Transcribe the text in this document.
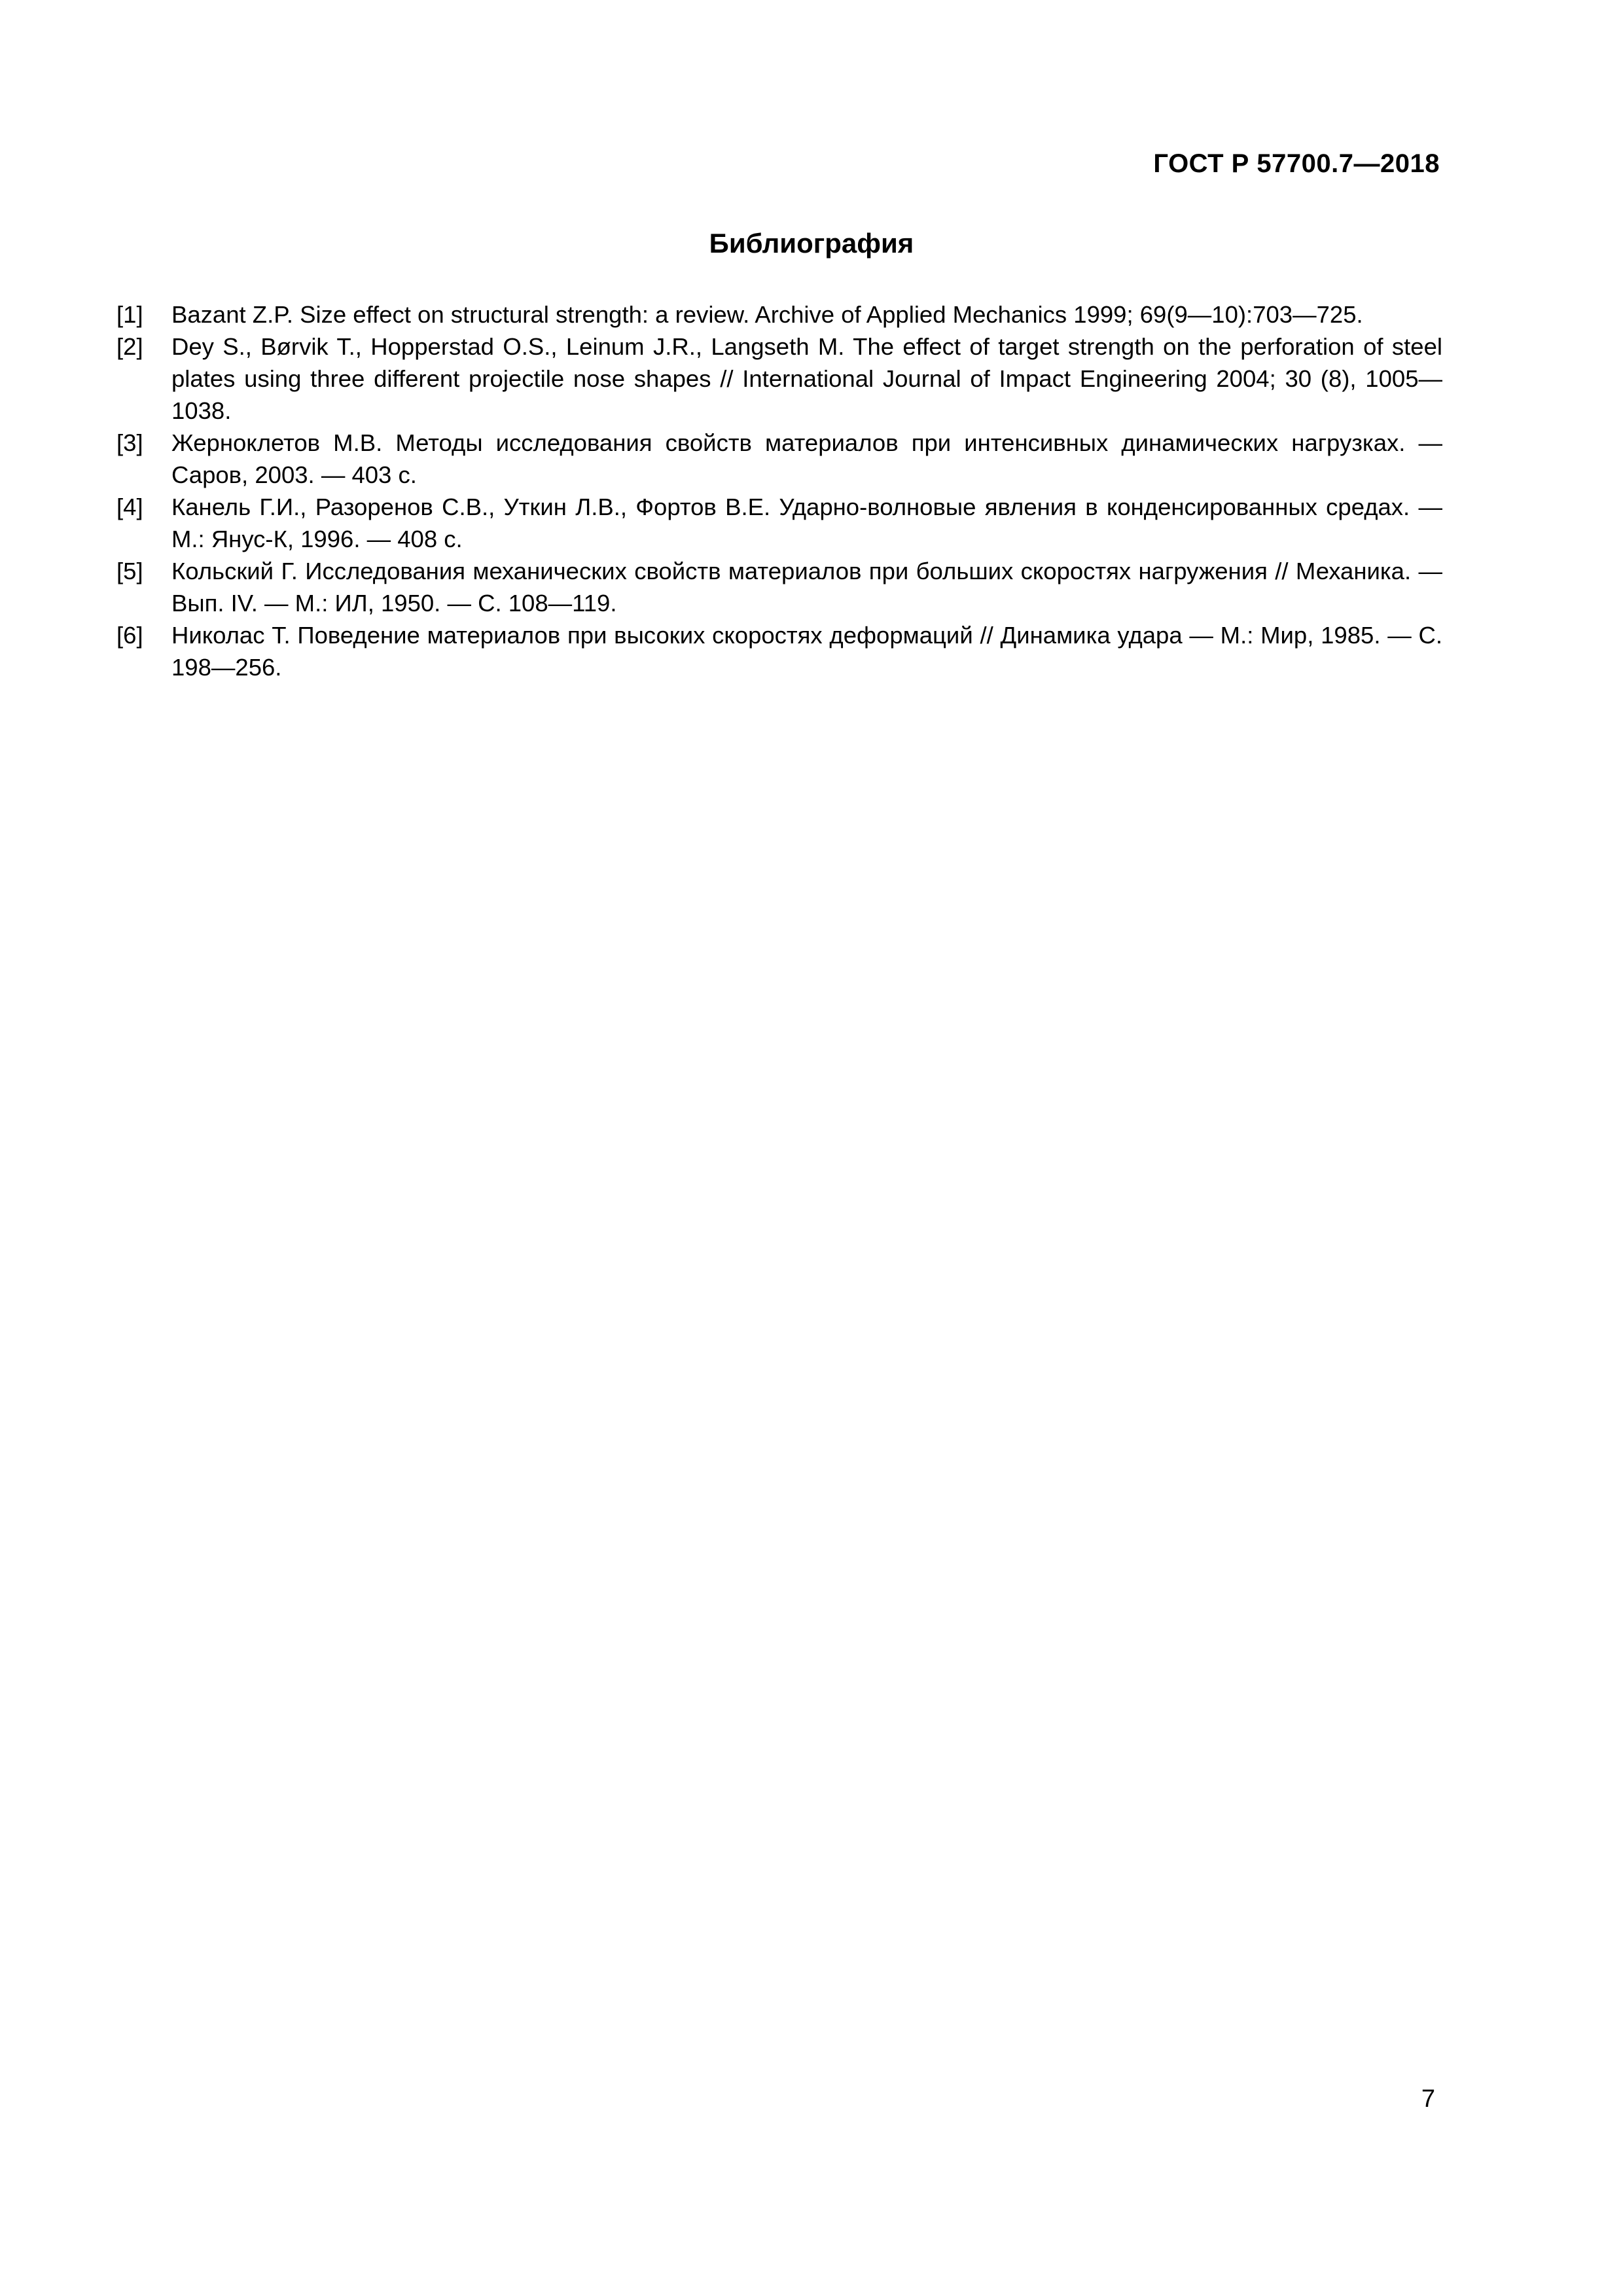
ГОСТ Р 57700.7—2018
Библиография
[1]	Bazant Z.P. Size effect on structural strength: a review. Archive of Applied Mechanics 1999; 69(9—10):703—725.
[2]	Dey S., Børvik T., Hopperstad O.S., Leinum J.R., Langseth M. The effect of target strength on the perforation of steel plates using three different projectile nose shapes // International Journal of Impact Engineering 2004; 30 (8), 1005—1038.
[3]	Жерноклетов М.В. Методы исследования свойств материалов при интенсивных динамических нагрузках. — Саров, 2003. — 403 с.
[4]	Канель Г.И., Разоренов С.В., Уткин Л.В., Фортов В.Е. Ударно-волновые явления в конденсированных средах. — М.: Янус-К, 1996. — 408 с.
[5]	Кольский Г. Исследования механических свойств материалов при больших скоростях нагружения // Механика. — Вып. IV. — М.: ИЛ, 1950. — С. 108—119.
[6]	Николас Т. Поведение материалов при высоких скоростях деформаций // Динамика удара — М.: Мир, 1985. — С. 198—256.
7
